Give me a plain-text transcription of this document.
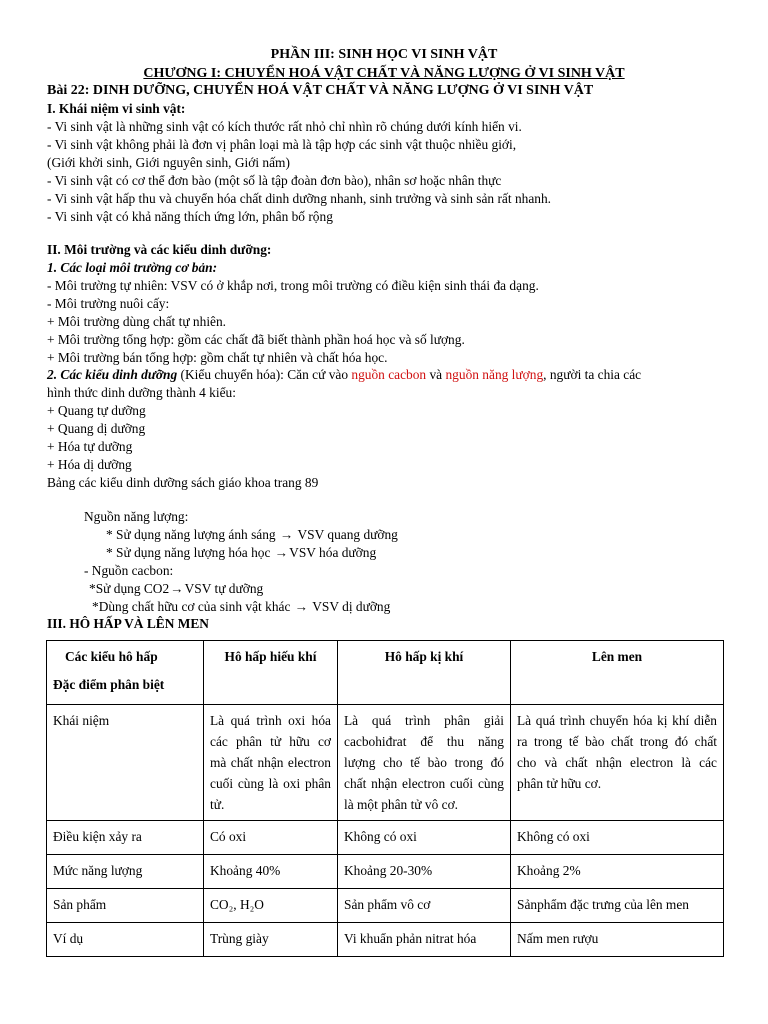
PHẦN III: SINH HỌC VI SINH VẬT
CHƯƠNG I: CHUYỂN HOÁ VẬT CHẤT VÀ NĂNG LƯỢNG Ở VI SINH VẬT
Bài 22: DINH DƯỠNG, CHUYỂN HOÁ VẬT CHẤT VÀ NĂNG LƯỢNG Ở VI SINH VẬT
I. Khái niệm vi sinh vật:
- Vi sinh vật là những sinh vật có kích thước rất nhỏ chỉ nhìn rõ chúng dưới kính hiển vi.
- Vi sinh vật không phải là đơn vị phân loại mà là tập hợp các sinh vật thuộc nhiều giới,
(Giới khởi sinh, Giới nguyên sinh, Giới nấm)
- Vi sinh vật có cơ thể đơn bào (một số là tập đoàn đơn bào), nhân sơ hoặc nhân thực
- Vi sinh vật hấp thu và chuyển hóa chất dinh dưỡng nhanh, sinh trưởng và sinh sản rất nhanh.
- Vi sinh vật có khả năng thích ứng lớn, phân bố rộng
II. Môi trường và các kiểu dinh dưỡng:
1. Các loại môi trường cơ bản:
- Môi trường tự nhiên: VSV có ở khắp nơi, trong môi trường có điều kiện sinh thái đa dạng.
- Môi trường nuôi cấy:
+ Môi trường dùng chất tự nhiên.
+ Môi trường tổng hợp: gồm các chất đã biết thành phần hoá học và số lượng.
+ Môi trường bán tổng hợp: gồm chất tự nhiên và chất hóa học.
2. Các kiểu dinh dưỡng (Kiểu chuyển hóa): Căn cứ vào nguồn cacbon và nguồn năng lượng, người ta chia các
hình thức dinh dưỡng thành 4 kiểu:
+ Quang tự dưỡng
+ Quang dị dưỡng
+ Hóa tự dưỡng
+ Hóa dị dưỡng
Bảng các kiểu dinh dưỡng sách giáo khoa trang 89
Nguồn năng lượng:
* Sử dụng năng lượng ánh sáng → VSV quang dưỡng
* Sử dụng năng lượng hóa học →VSV hóa dưỡng
- Nguồn cacbon:
*Sử dụng CO2→VSV tự dưỡng
*Dùng chất hữu cơ của sinh vật khác → VSV dị dưỡng
III. HÔ HẤP VÀ LÊN MEN
Các kiểu hô hấp
Đặc điểm phân biệt	Hô hấp hiếu khí	Hô hấp kị khí	Lên men
Khái niệm	Là quá trình oxi hóa các phân tử hữu cơ mà chất nhận electron cuối cùng là oxi phân tử.	Là quá trình phân giải cacbohiđrat để thu năng lượng cho tế bào trong đó chất nhận electron cuối cùng là một phân tử vô cơ.	Là quá trình chuyển hóa kị khí diễn ra trong tế bào chất trong đó chất cho và chất nhận electron là các phân tử hữu cơ.
Điều kiện xảy ra	Có oxi	Không có oxi	Không có oxi
Mức năng lượng	Khoảng 40%	Khoảng 20-30%	Khoảng 2%
Sản phẩm	CO₂, H₂O	Sản phẩm vô cơ	Sảnphẩm đặc trưng của lên men
Ví dụ	Trùng giày	Vi khuẩn phản nitrat hóa	Nấm men rượu
